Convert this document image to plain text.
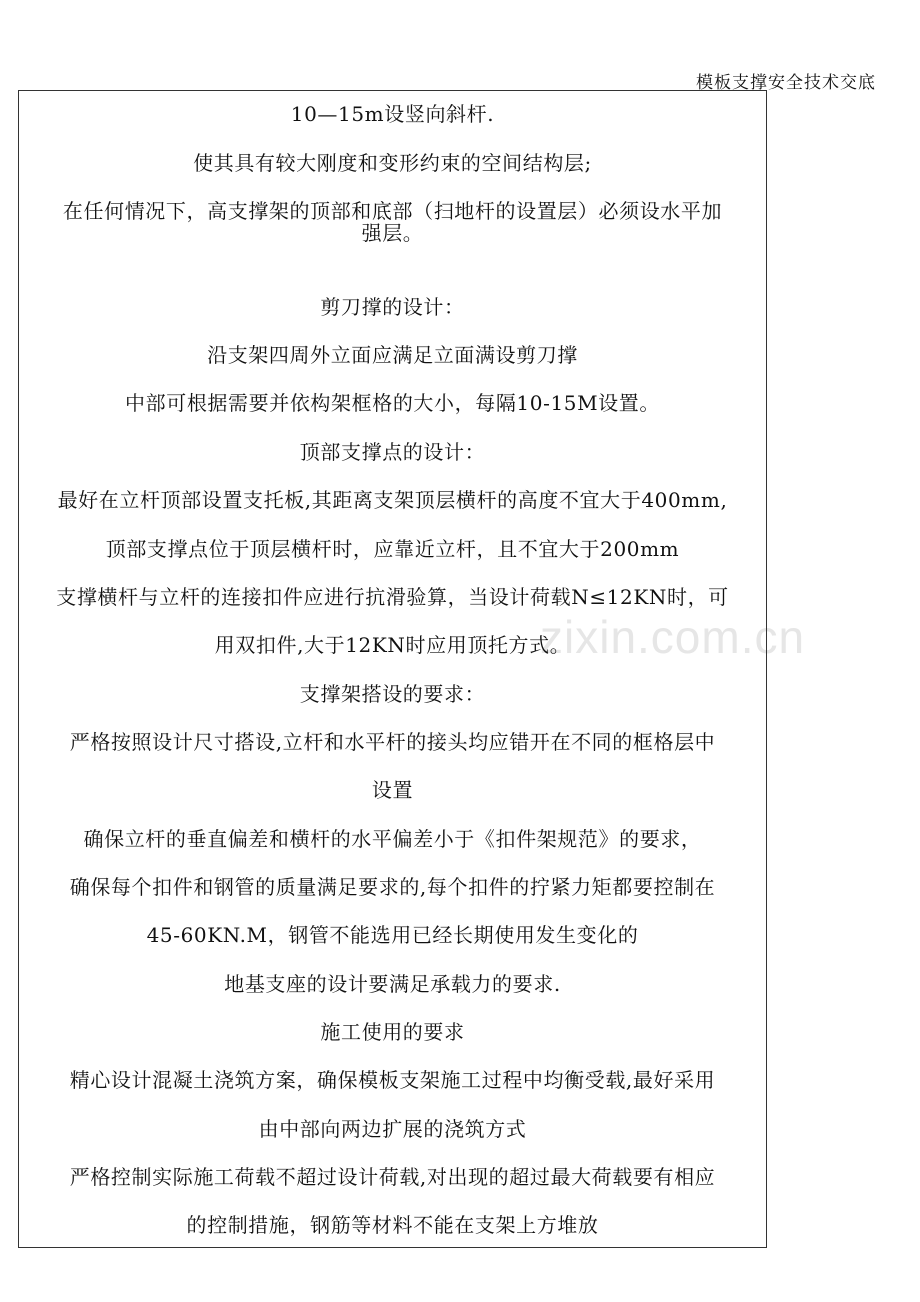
模板支撑安全技术交底
zixin.com.cn
10—15m设竖向斜杆.
使其具有较大刚度和变形约束的空间结构层;
在任何情况下，高支撑架的顶部和底部（扫地杆的设置层）必须设水平加
强层。
剪刀撑的设计：
沿支架四周外立面应满足立面满设剪刀撑
中部可根据需要并依构架框格的大小，每隔10-15M设置。
顶部支撑点的设计：
最好在立杆顶部设置支托板,其距离支架顶层横杆的高度不宜大于400mm,
顶部支撑点位于顶层横杆时，应靠近立杆，且不宜大于200mm
支撑横杆与立杆的连接扣件应进行抗滑验算，当设计荷载N≤12KN时，可
用双扣件,大于12KN时应用顶托方式。
支撑架搭设的要求：
严格按照设计尺寸搭设,立杆和水平杆的接头均应错开在不同的框格层中
设置
确保立杆的垂直偏差和横杆的水平偏差小于《扣件架规范》的要求，
确保每个扣件和钢管的质量满足要求的,每个扣件的拧紧力矩都要控制在
45-60KN.M，钢管不能选用已经长期使用发生变化的
地基支座的设计要满足承载力的要求.
施工使用的要求
精心设计混凝土浇筑方案，确保模板支架施工过程中均衡受载,最好采用
由中部向两边扩展的浇筑方式
严格控制实际施工荷载不超过设计荷载,对出现的超过最大荷载要有相应
的控制措施，钢筋等材料不能在支架上方堆放
